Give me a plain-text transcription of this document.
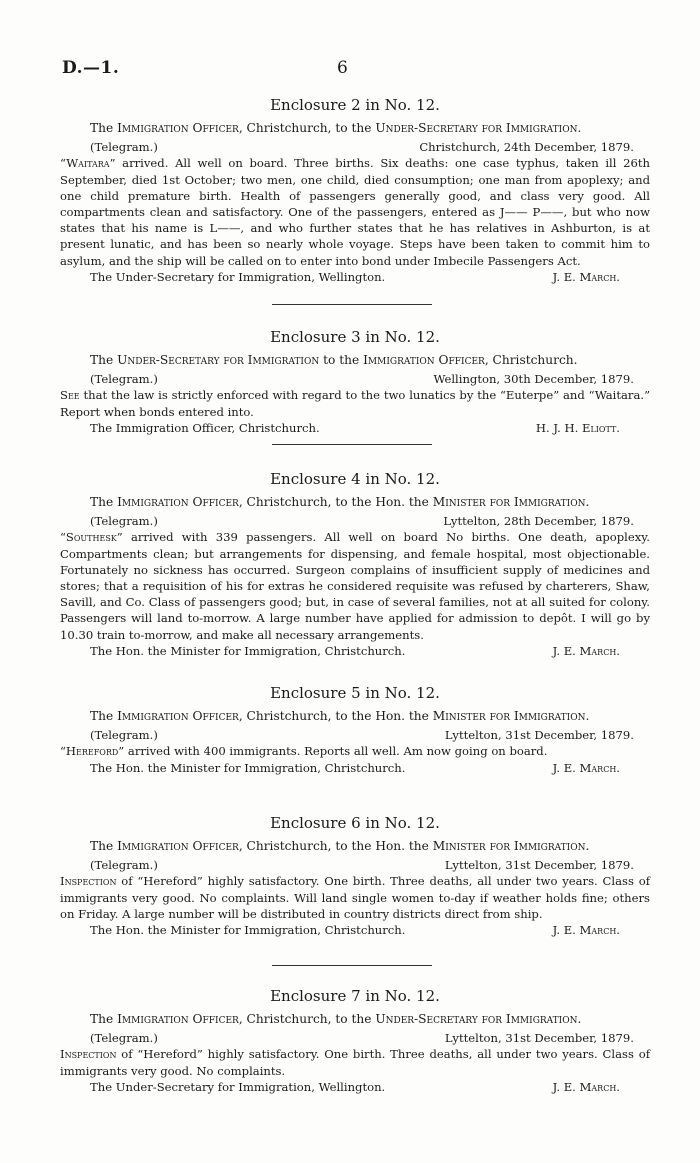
D.—1.	6
Enclosure 2 in No. 12.
The Immigration Officer, Christchurch, to the Under-Secretary for Immigration.
(Telegram.)	Christchurch, 24th December, 1879.
“Waitara” arrived. All well on board. Three births. Six deaths: one case typhus, taken ill 26th September, died 1st October; two men, one child, died consumption; one man from apoplexy; and one child premature birth. Health of passengers generally good, and class very good. All compartments clean and satisfactory. One of the passengers, entered as J—— P——, but who now states that his name is L——, and who further states that he has relatives in Ashburton, is at present lunatic, and has been so nearly whole voyage. Steps have been taken to commit him to asylum, and the ship will be called on to enter into bond under Imbecile Passengers Act.
The Under-Secretary for Immigration, Wellington.	J. E. March.
Enclosure 3 in No. 12.
The Under-Secretary for Immigration to the Immigration Officer, Christchurch.
(Telegram.)	Wellington, 30th December, 1879.
See that the law is strictly enforced with regard to the two lunatics by the “Euterpe” and “Waitara.” Report when bonds entered into.
The Immigration Officer, Christchurch.	H. J. H. Eliott.
Enclosure 4 in No. 12.
The Immigration Officer, Christchurch, to the Hon. the Minister for Immigration.
(Telegram.)	Lyttelton, 28th December, 1879.
“Southesk” arrived with 339 passengers. All well on board No births. One death, apoplexy. Compartments clean; but arrangements for dispensing, and female hospital, most objectionable. Fortunately no sickness has occurred. Surgeon complains of insufficient supply of medicines and stores; that a requisition of his for extras he considered requisite was refused by charterers, Shaw, Savill, and Co. Class of passengers good; but, in case of several families, not at all suited for colony. Passengers will land to-morrow. A large number have applied for admission to depôt. I will go by 10.30 train to-morrow, and make all necessary arrangements.
The Hon. the Minister for Immigration, Christchurch.	J. E. March.
Enclosure 5 in No. 12.
The Immigration Officer, Christchurch, to the Hon. the Minister for Immigration.
(Telegram.)	Lyttelton, 31st December, 1879.
“Hereford” arrived with 400 immigrants. Reports all well. Am now going on board.
The Hon. the Minister for Immigration, Christchurch.	J. E. March.
Enclosure 6 in No. 12.
The Immigration Officer, Christchurch, to the Hon. the Minister for Immigration.
(Telegram.)	Lyttelton, 31st December, 1879.
Inspection of “Hereford” highly satisfactory. One birth. Three deaths, all under two years. Class of immigrants very good. No complaints. Will land single women to-day if weather holds fine; others on Friday. A large number will be distributed in country districts direct from ship.
The Hon. the Minister for Immigration, Christchurch.	J. E. March.
Enclosure 7 in No. 12.
The Immigration Officer, Christchurch, to the Under-Secretary for Immigration.
(Telegram.)	Lyttelton, 31st December, 1879.
Inspection of “Hereford” highly satisfactory. One birth. Three deaths, all under two years. Class of immigrants very good. No complaints.
The Under-Secretary for Immigration, Wellington.	J. E. March.
